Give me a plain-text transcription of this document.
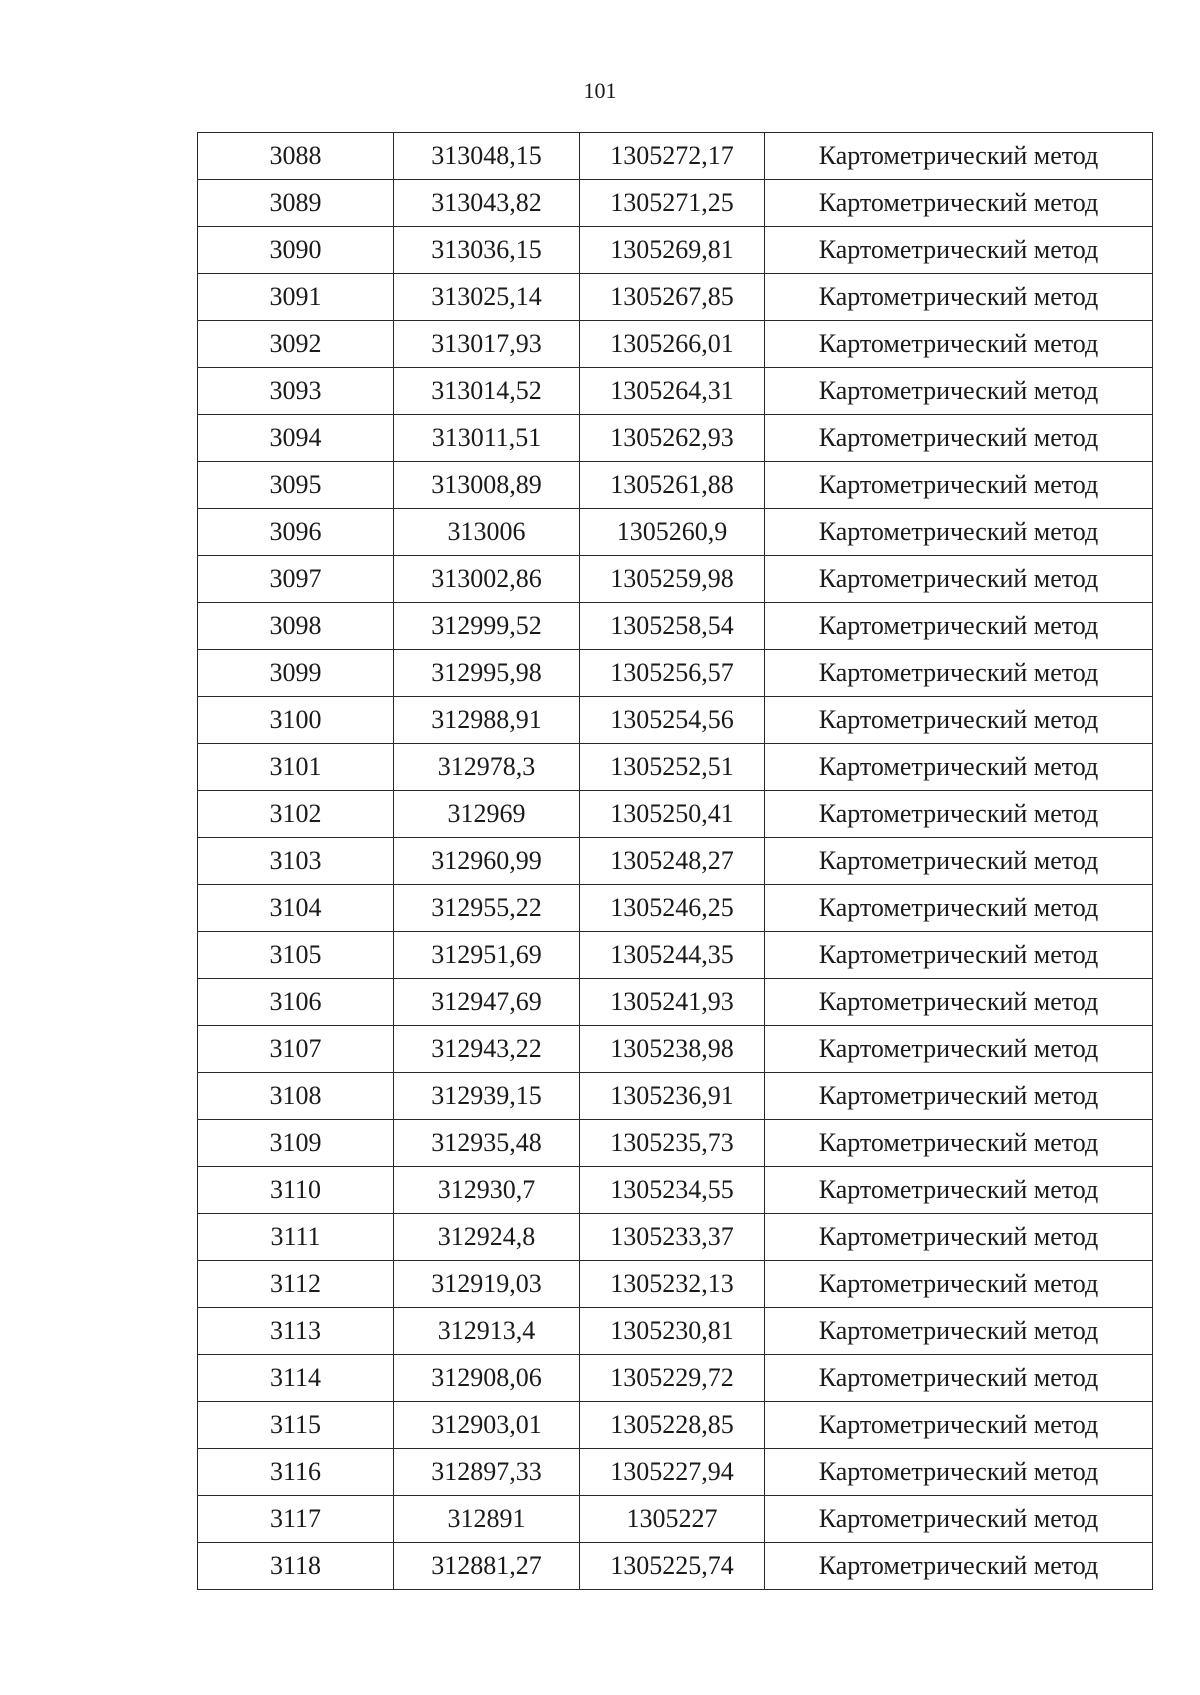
101
3088	313048,15	1305272,17	Картометрический метод
3089	313043,82	1305271,25	Картометрический метод
3090	313036,15	1305269,81	Картометрический метод
3091	313025,14	1305267,85	Картометрический метод
3092	313017,93	1305266,01	Картометрический метод
3093	313014,52	1305264,31	Картометрический метод
3094	313011,51	1305262,93	Картометрический метод
3095	313008,89	1305261,88	Картометрический метод
3096	313006	1305260,9	Картометрический метод
3097	313002,86	1305259,98	Картометрический метод
3098	312999,52	1305258,54	Картометрический метод
3099	312995,98	1305256,57	Картометрический метод
3100	312988,91	1305254,56	Картометрический метод
3101	312978,3	1305252,51	Картометрический метод
3102	312969	1305250,41	Картометрический метод
3103	312960,99	1305248,27	Картометрический метод
3104	312955,22	1305246,25	Картометрический метод
3105	312951,69	1305244,35	Картометрический метод
3106	312947,69	1305241,93	Картометрический метод
3107	312943,22	1305238,98	Картометрический метод
3108	312939,15	1305236,91	Картометрический метод
3109	312935,48	1305235,73	Картометрический метод
3110	312930,7	1305234,55	Картометрический метод
3111	312924,8	1305233,37	Картометрический метод
3112	312919,03	1305232,13	Картометрический метод
3113	312913,4	1305230,81	Картометрический метод
3114	312908,06	1305229,72	Картометрический метод
3115	312903,01	1305228,85	Картометрический метод
3116	312897,33	1305227,94	Картометрический метод
3117	312891	1305227	Картометрический метод
3118	312881,27	1305225,74	Картометрический метод
